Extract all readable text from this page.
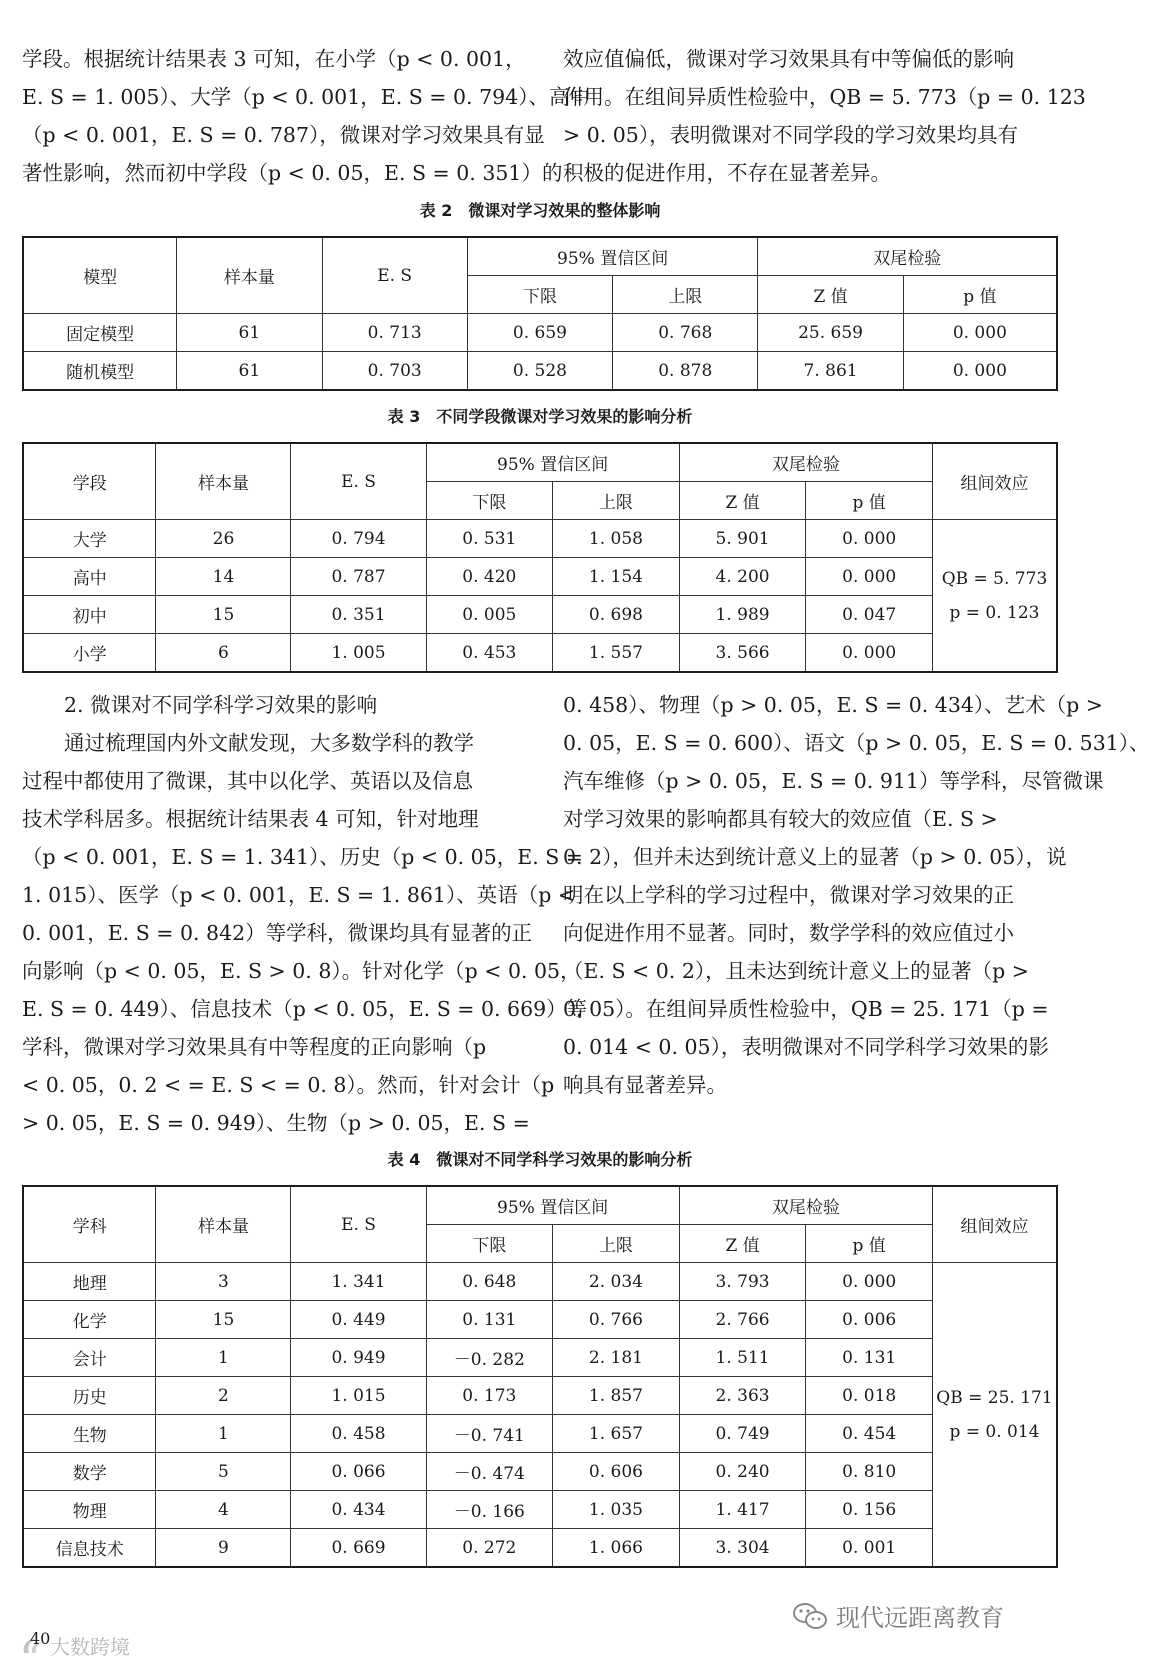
学段。根据统计结果表 3 可知，在小学（p < 0. 001，
E. S = 1. 005）、大学（p < 0. 001，E. S = 0. 794）、高中
（p < 0. 001，E. S = 0. 787），微课对学习效果具有显
著性影响，然而初中学段（p < 0. 05，E. S = 0. 351）的
效应值偏低，微课对学习效果具有中等偏低的影响
作用。在组间异质性检验中，QB = 5. 773（p = 0. 123
> 0. 05），表明微课对不同学段的学习效果均具有
积极的促进作用，不存在显著差异。
表 2　微课对学习效果的整体影响
模型	样本量	E. S	95% 置信区间		双尾检验	
			下限	上限	Z 值	p 值
固定模型	61	0. 713	0. 659	0. 768	25. 659	0. 000
随机模型	61	0. 703	0. 528	0. 878	7. 861	0. 000
表 3　不同学段微课对学习效果的影响分析
学段	样本量	E. S	95% 置信区间		双尾检验		组间效应
			下限	上限	Z 值	p 值	
大学	26	0. 794	0. 531	1. 058	5. 901	0. 000	QB = 5. 773
p = 0. 123

高中	14	0. 787	0. 420	1. 154	4. 200	0. 000	
初中	15	0. 351	0. 005	0. 698	1. 989	0. 047	
小学	6	1. 005	0. 453	1. 557	3. 566	0. 000	
2. 微课对不同学科学习效果的影响
通过梳理国内外文献发现，大多数学科的教学
过程中都使用了微课，其中以化学、英语以及信息
技术学科居多。根据统计结果表 4 可知，针对地理
（p < 0. 001，E. S = 1. 341）、历史（p < 0. 05，E. S =
1. 015）、医学（p < 0. 001，E. S = 1. 861）、英语（p <
0. 001，E. S = 0. 842）等学科，微课均具有显著的正
向影响（p < 0. 05，E. S > 0. 8）。针对化学（p < 0. 05，
E. S = 0. 449）、信息技术（p < 0. 05，E. S = 0. 669）等
学科，微课对学习效果具有中等程度的正向影响（p
< 0. 05，0. 2 < = E. S < = 0. 8）。然而，针对会计（p
> 0. 05，E. S = 0. 949）、生物（p > 0. 05，E. S =
0. 458）、物理（p > 0. 05，E. S = 0. 434）、艺术（p >
0. 05，E. S = 0. 600）、语文（p > 0. 05，E. S = 0. 531）、
汽车维修（p > 0. 05，E. S = 0. 911）等学科，尽管微课
对学习效果的影响都具有较大的效应值（E. S >
0. 2），但并未达到统计意义上的显著（p > 0. 05），说
明在以上学科的学习过程中，微课对学习效果的正
向促进作用不显著。同时，数学学科的效应值过小
（E. S < 0. 2），且未达到统计意义上的显著（p >
0. 05）。在组间异质性检验中，QB = 25. 171（p =
0. 014 < 0. 05），表明微课对不同学科学习效果的影
响具有显著差异。
表 4　微课对不同学科学习效果的影响分析
学科	样本量	E. S	95% 置信区间		双尾检验		组间效应
			下限	上限	Z 值	p 值	
地理	3	1. 341	0. 648	2. 034	3. 793	0. 000	QB = 25. 171
p = 0. 014

化学	15	0. 449	0. 131	0. 766	2. 766	0. 006	
会计	1	0. 949	－0. 282	2. 181	1. 511	0. 131	
历史	2	1. 015	0. 173	1. 857	2. 363	0. 018	
生物	1	0. 458	－0. 741	1. 657	0. 749	0. 454	
数学	5	0. 066	－0. 474	0. 606	0. 240	0. 810	
物理	4	0. 434	－0. 166	1. 035	1. 417	0. 156	
信息技术	9	0. 669	0. 272	1. 066	3. 304	0. 001	
大数跨境
40
现代远距离教育
